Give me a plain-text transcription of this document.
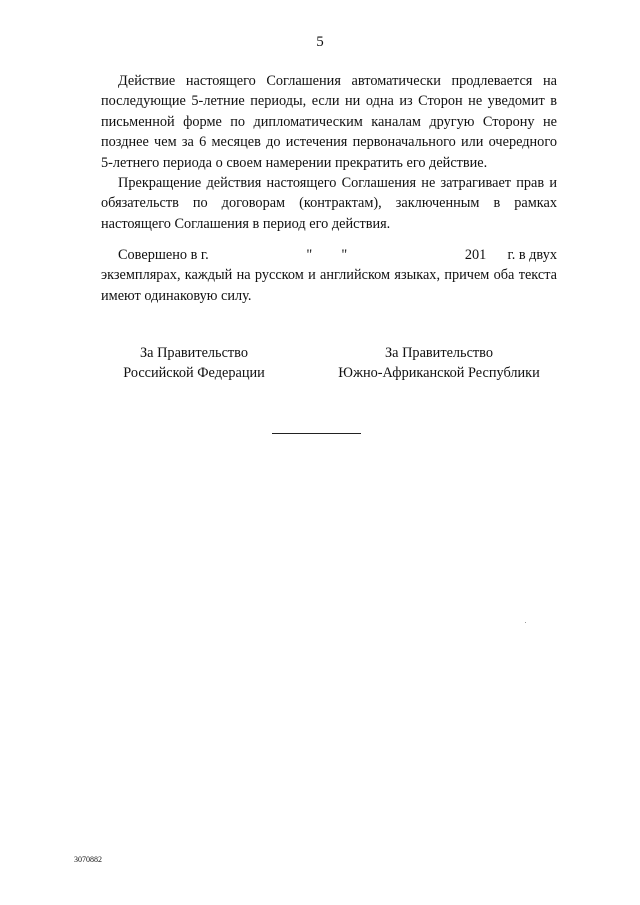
5

Действие настоящего Соглашения автоматически продлевается на последующие 5-летние периоды, если ни одна из Сторон не уведомит в письменной форме по дипломатическим каналам другую Сторону не позднее чем за 6 месяцев до истечения первоначального или очередного 5-летнего периода о своем намерении прекратить его действие.

Прекращение действия настоящего Соглашения не затрагивает прав и обязательств по договорам (контрактам), заключенным в рамках настоящего Соглашения в период его действия.

Совершено в г.	" "	201 г. в двух
экземплярах, каждый на русском и английском языках, причем оба текста имеют одинаковую силу.
За Правительство
Российской Федерации
За Правительство
Южно-Африканской Республики
3070882
